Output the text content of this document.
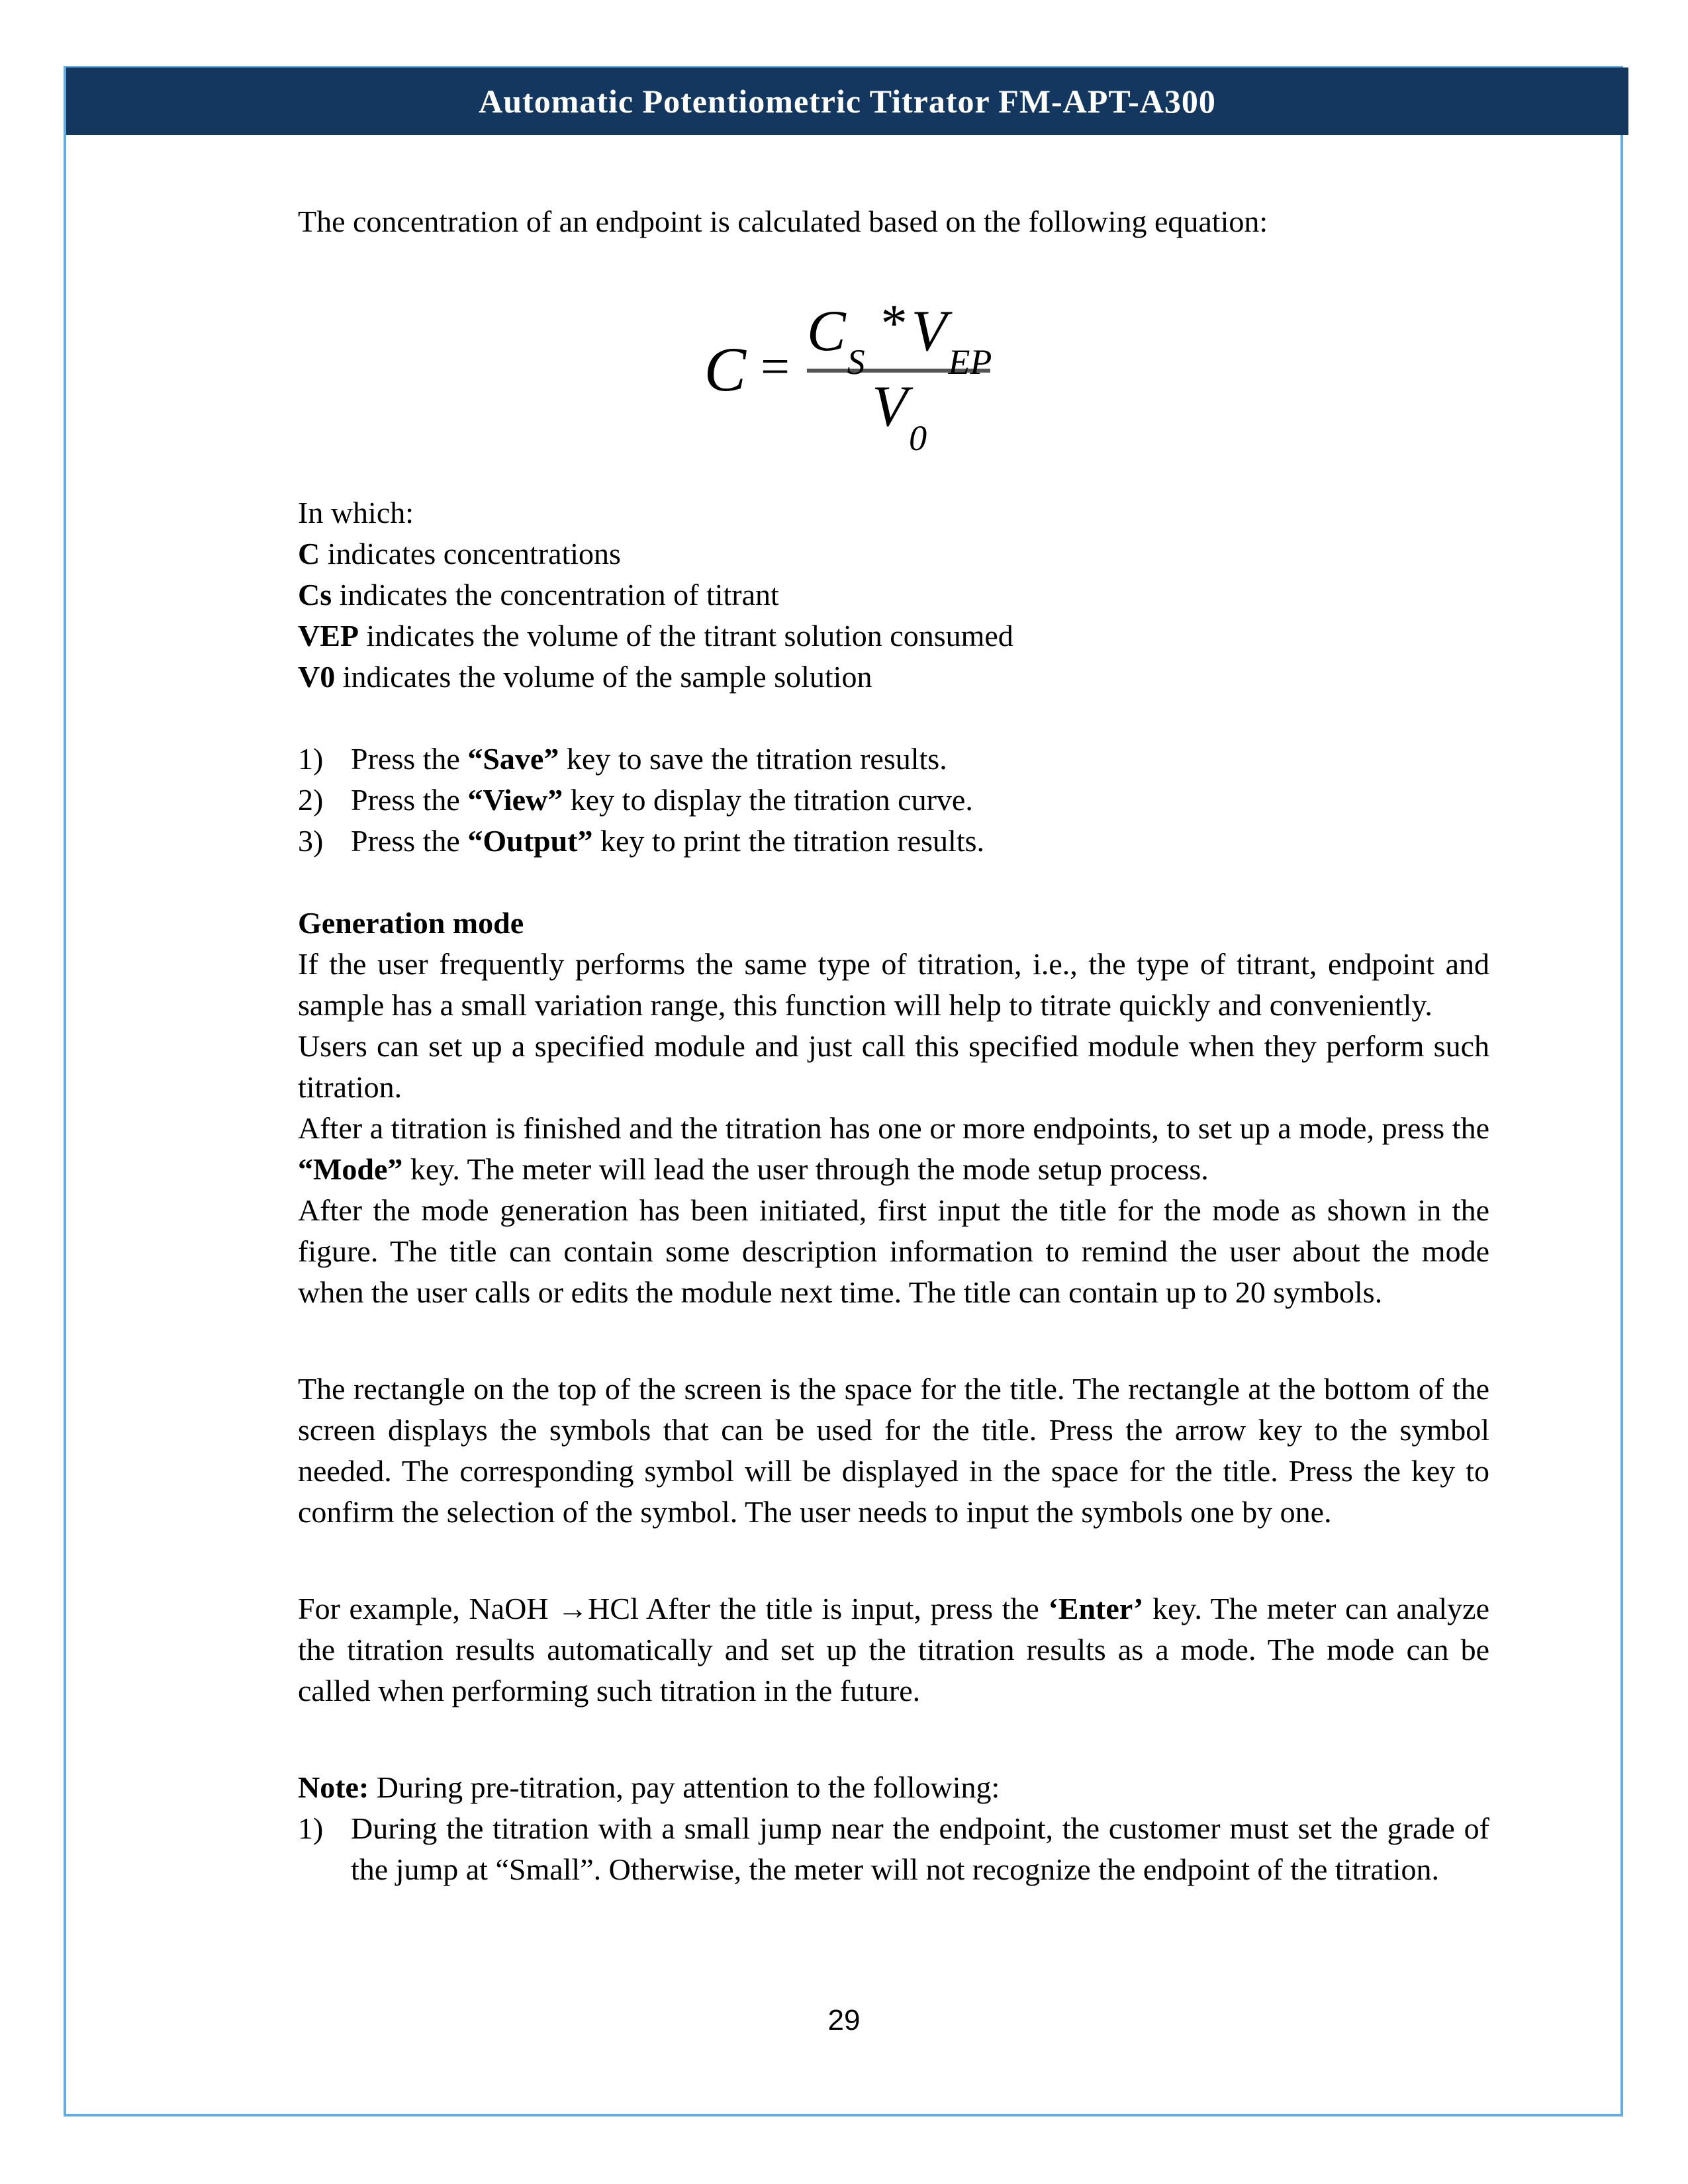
Automatic Potentiometric Titrator FM-APT-A300

The concentration of an endpoint is calculated based on the following equation:

C =
$C_S*V_{EP}$
$V_0$

In which:

C indicates concentrations

Cs indicates the concentration of titrant

VEP indicates the volume of the titrant solution consumed

V0 indicates the volume of the sample solution

1) Press the “Save” key to save the titration results.
2) Press the “View” key to display the titration curve.
3) Press the “Output” key to print the titration results.

Generation mode

If the user frequently performs the same type of titration, i.e., the type of titrant, endpoint and sample has a small variation range, this function will help to titrate quickly and conveniently.

Users can set up a specified module and just call this specified module when they perform such titration.

After a titration is finished and the titration has one or more endpoints, to set up a mode, press the “Mode” key. The meter will lead the user through the mode setup process.

After the mode generation has been initiated, first input the title for the mode as shown in the figure. The title can contain some description information to remind the user about the mode when the user calls or edits the module next time. The title can contain up to 20 symbols.

The rectangle on the top of the screen is the space for the title. The rectangle at the bottom of the screen displays the symbols that can be used for the title. Press the arrow key to the symbol needed. The corresponding symbol will be displayed in the space for the title. Press the key to confirm the selection of the symbol. The user needs to input the symbols one by one.

For example, NaOH →HCl After the title is input, press the ‘Enter’ key. The meter can analyze the titration results automatically and set up the titration results as a mode. The mode can be called when performing such titration in the future.

Note: During pre-titration, pay attention to the following:

1) During the titration with a small jump near the endpoint, the customer must set the grade of the jump at “Small”. Otherwise, the meter will not recognize the endpoint of the titration.
29
